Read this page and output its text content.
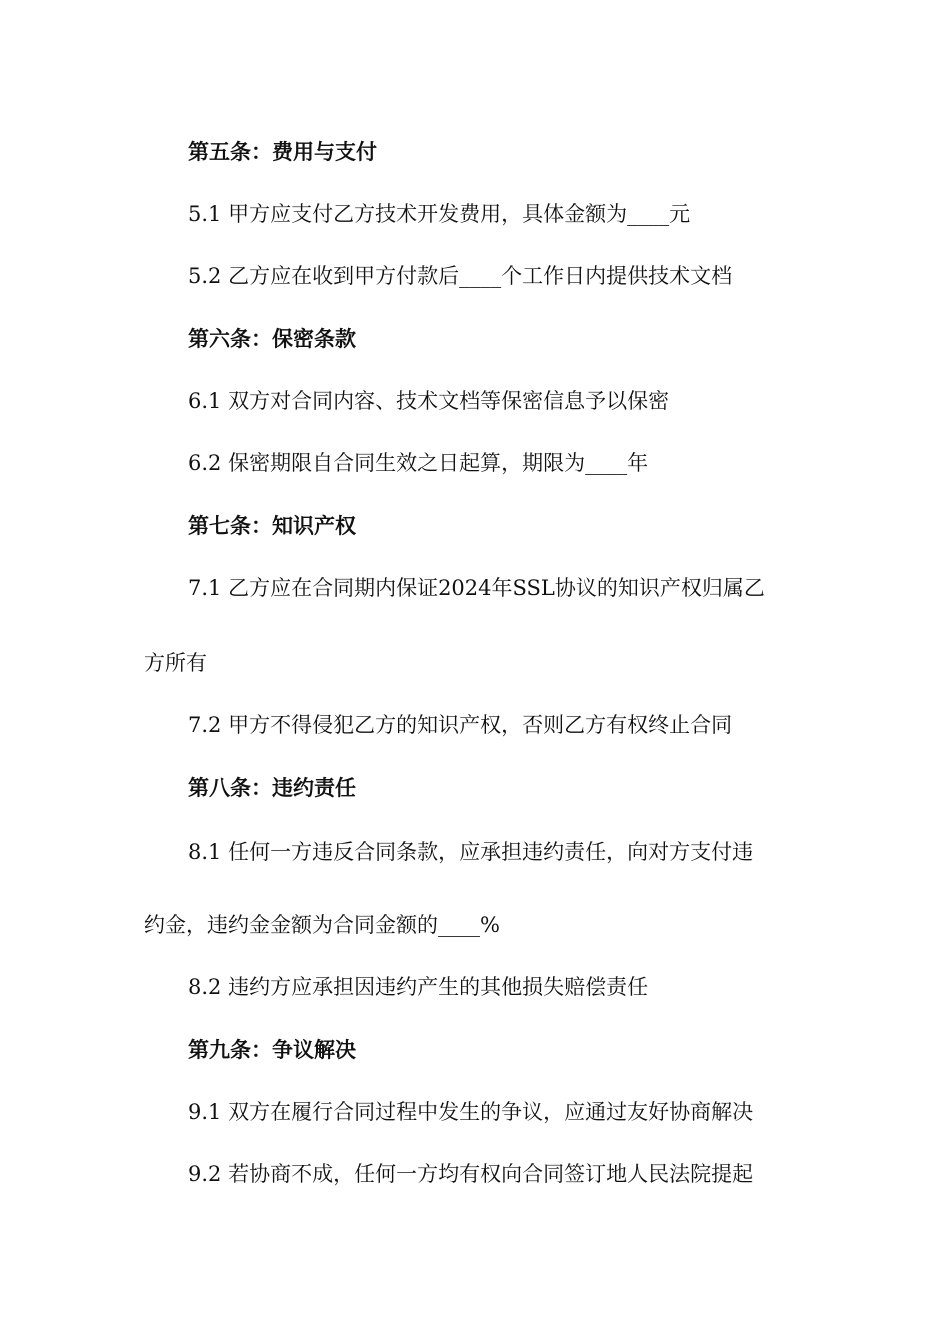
第五条：费用与支付
5.1 甲方应支付乙方技术开发费用，具体金额为____元
5.2 乙方应在收到甲方付款后____个工作日内提供技术文档
第六条：保密条款
6.1 双方对合同内容、技术文档等保密信息予以保密
6.2 保密期限自合同生效之日起算，期限为____年
第七条：知识产权
7.1 乙方应在合同期内保证2024年SSL协议的知识产权归属乙
方所有
7.2 甲方不得侵犯乙方的知识产权，否则乙方有权终止合同
第八条：违约责任
8.1 任何一方违反合同条款，应承担违约责任，向对方支付违
约金，违约金金额为合同金额的____%
8.2 违约方应承担因违约产生的其他损失赔偿责任
第九条：争议解决
9.1 双方在履行合同过程中发生的争议，应通过友好协商解决
9.2 若协商不成，任何一方均有权向合同签订地人民法院提起
